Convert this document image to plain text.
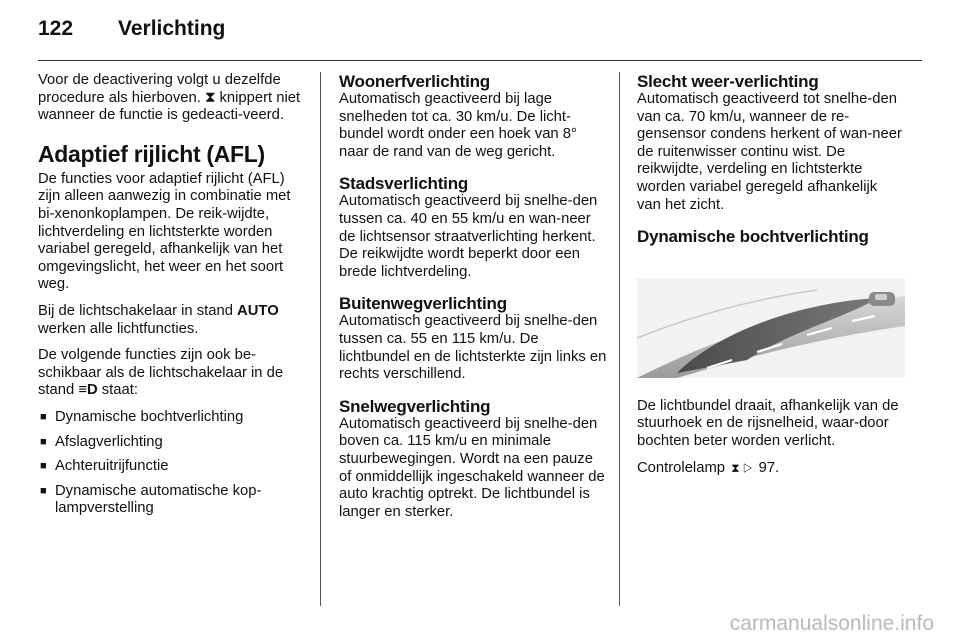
122 Verlichting

Voor de deactivering volgt u dezelfde procedure als hierboven. ⧗ knippert niet wanneer de functie is gedeacti-veerd.

Adaptief rijlicht (AFL)

De functies voor adaptief rijlicht (AFL) zijn alleen aanwezig in combinatie met bi-xenonkoplampen. De reik-wijdte, lichtverdeling en lichtsterkte worden variabel geregeld, afhankelijk van het omgevingslicht, het weer en het soort weg.

Bij de lichtschakelaar in stand AUTO werken alle lichtfuncties.

De volgende functies zijn ook be-schikbaar als de lichtschakelaar in de stand ≡D staat:

■ Dynamische bochtverlichting
■ Afslagverlichting
■ Achteruitrijfunctie
■ Dynamische automatische kop-lampverstelling
Woonerfverlichting
Automatisch geactiveerd bij lage snelheden tot ca. 30 km/u. De licht-bundel wordt onder een hoek van 8° naar de rand van de weg gericht.
Stadsverlichting
Automatisch geactiveerd bij snelhe-den tussen ca. 40 en 55 km/u en wan-neer de lichtsensor straatverlichting herkent. De reikwijdte wordt beperkt door een brede lichtverdeling.
Buitenwegverlichting
Automatisch geactiveerd bij snelhe-den tussen ca. 55 en 115 km/u. De lichtbundel en de lichtsterkte zijn links en rechts verschillend.
Snelwegverlichting
Automatisch geactiveerd bij snelhe-den boven ca. 115 km/u en minimale stuurbewegingen. Wordt na een pauze of onmiddellijk ingeschakeld wanneer de auto krachtig optrekt. De lichtbundel is langer en sterker.
Slecht weer-verlichting
Automatisch geactiveerd tot snelhe-den van ca. 70 km/u, wanneer de re-gensensor condens herkent of wan-neer de ruitenwisser continu wist. De reikwijdte, verdeling en lichtsterkte worden variabel geregeld afhankelijk van het zicht.
Dynamische bochtverlichting

De lichtbundel draait, afhankelijk van de stuurhoek en de rijsnelheid, waar-door bochten beter worden verlicht.

Controlelamp ⧗ ▷ 97.

carmanualsonline.info
